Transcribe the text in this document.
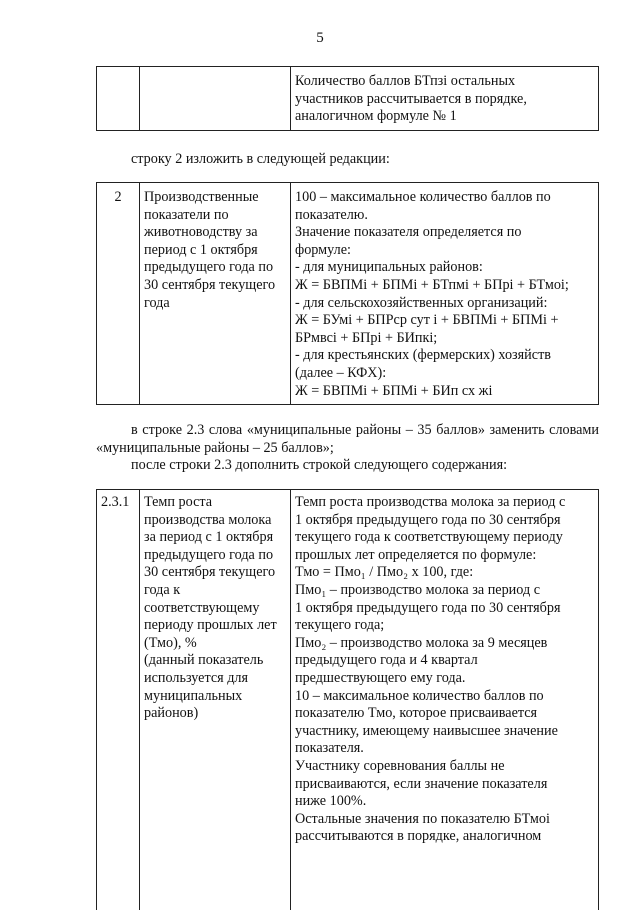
5
		Количество баллов БТпзi остальных
участников рассчитывается в порядке,
аналогичном формуле № 1
строку 2 изложить в следующей редакции:
2	Производственные
показатели по
животноводству за
период с 1 октября
предыдущего года по
30 сентября текущего
года	100 – максимальное количество баллов по
показателю.
Значение показателя определяется по
формуле:
- для муниципальных районов:
Ж = БВПМi + БПМi + БТпмi + БПрi + БТмоi;
- для сельскохозяйственных организаций:
Ж = БУмi + БПРср сут i + БВПМi + БПМi +
БРмвсi + БПрi + БИпкi;
- для крестьянских (фермерских) хозяйств
(далее – КФХ):
Ж = БВПМi + БПМi + БИп сх жi
в строке 2.3 слова «муниципальные районы – 35 баллов» заменить словами «муниципальные районы – 25 баллов»;
после строки 2.3 дополнить строкой следующего содержания:
2.3.1	Темп роста
производства молока
за период с 1 октября
предыдущего года по
30 сентября текущего
года к
соответствующему
периоду прошлых лет
(Тмо), %
(данный показатель
используется для
муниципальных
районов)	Темп роста производства молока за период с
1 октября предыдущего года по 30 сентября
текущего года к соответствующему периоду
прошлых лет определяется по формуле:
Тмо = Пмо₁ / Пмо₂ х 100, где:
Пмо₁ – производство молока за период с
1 октября предыдущего года по 30 сентября
текущего года;
Пмо₂ – производство молока за 9 месяцев
предыдущего года и 4 квартал
предшествующего ему года.
10 – максимальное количество баллов по
показателю Тмо, которое присваивается
участнику, имеющему наивысшее значение
показателя.
Участнику соревнования баллы не
присваиваются, если значение показателя
ниже 100%.
Остальные значения по показателю БТмоi
рассчитываются в порядке, аналогичном
